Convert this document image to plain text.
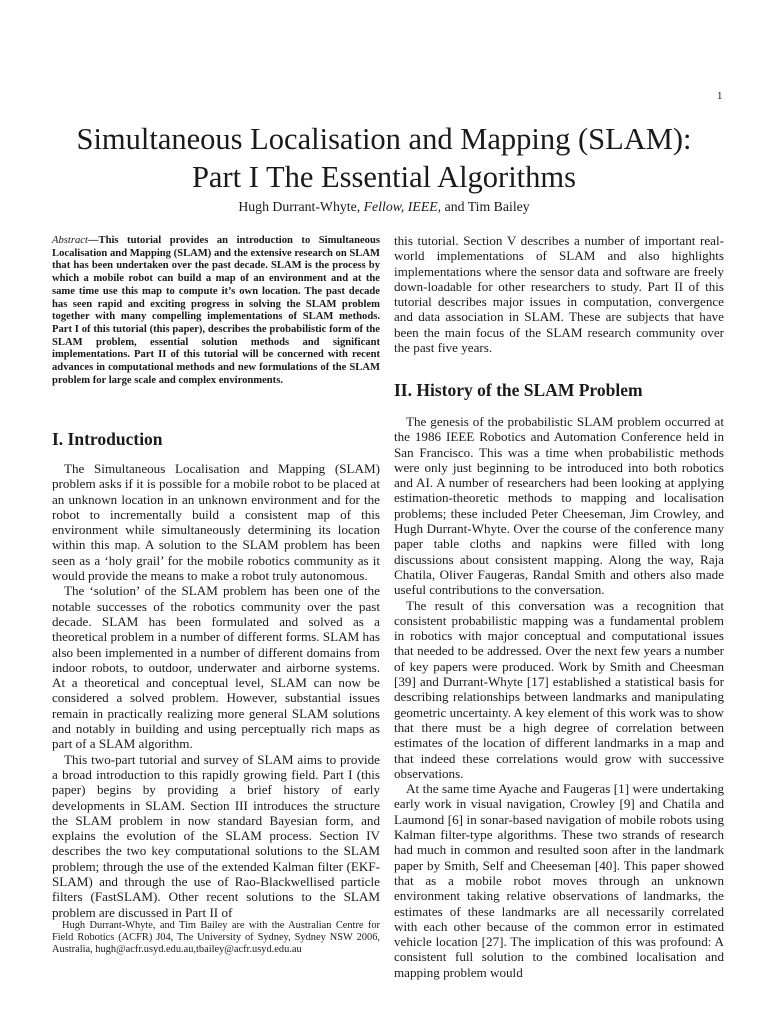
1
Simultaneous Localisation and Mapping (SLAM):
Part I The Essential Algorithms
Hugh Durrant-Whyte, Fellow, IEEE, and Tim Bailey
Abstract—This tutorial provides an introduction to Simultaneous Localisation and Mapping (SLAM) and the extensive research on SLAM that has been undertaken over the past decade. SLAM is the process by which a mobile robot can build a map of an environment and at the same time use this map to compute it’s own location. The past decade has seen rapid and exciting progress in solving the SLAM problem together with many compelling implementations of SLAM methods. Part I of this tutorial (this paper), describes the probabilistic form of the SLAM problem, essential solution methods and significant implementations. Part II of this tutorial will be concerned with recent advances in computational methods and new formulations of the SLAM problem for large scale and complex environments.
I. Introduction

The Simultaneous Localisation and Mapping (SLAM) problem asks if it is possible for a mobile robot to be placed at an unknown location in an unknown environment and for the robot to incrementally build a consistent map of this environment while simultaneously determining its location within this map. A solution to the SLAM problem has been seen as a ‘holy grail’ for the mobile robotics community as it would provide the means to make a robot truly autonomous.

The ‘solution’ of the SLAM problem has been one of the notable successes of the robotics community over the past decade. SLAM has been formulated and solved as a theoretical problem in a number of different forms. SLAM has also been implemented in a number of different domains from indoor robots, to outdoor, underwater and airborne systems. At a theoretical and conceptual level, SLAM can now be considered a solved problem. However, substantial issues remain in practically realizing more general SLAM solutions and notably in building and using perceptually rich maps as part of a SLAM algorithm.

This two-part tutorial and survey of SLAM aims to provide a broad introduction to this rapidly growing field. Part I (this paper) begins by providing a brief history of early developments in SLAM. Section III introduces the structure the SLAM problem in now standard Bayesian form, and explains the evolution of the SLAM process. Section IV describes the two key computational solutions to the SLAM problem; through the use of the extended Kalman filter (EKF-SLAM) and through the use of Rao-Blackwellised particle filters (FastSLAM). Other recent solutions to the SLAM problem are discussed in Part II of

Hugh Durrant-Whyte, and Tim Bailey are with the Australian Centre for Field Robotics (ACFR) J04, The University of Sydney, Sydney NSW 2006, Australia, hugh@acfr.usyd.edu.au,tbailey@acfr.usyd.edu.au

this tutorial. Section V describes a number of important real-world implementations of SLAM and also highlights implementations where the sensor data and software are freely down-loadable for other researchers to study. Part II of this tutorial describes major issues in computation, convergence and data association in SLAM. These are subjects that have been the main focus of the SLAM research community over the past five years.

II. History of the SLAM Problem

The genesis of the probabilistic SLAM problem occurred at the 1986 IEEE Robotics and Automation Conference held in San Francisco. This was a time when probabilistic methods were only just beginning to be introduced into both robotics and AI. A number of researchers had been looking at applying estimation-theoretic methods to mapping and localisation problems; these included Peter Cheeseman, Jim Crowley, and Hugh Durrant-Whyte. Over the course of the conference many paper table cloths and napkins were filled with long discussions about consistent mapping. Along the way, Raja Chatila, Oliver Faugeras, Randal Smith and others also made useful contributions to the conversation.

The result of this conversation was a recognition that consistent probabilistic mapping was a fundamental problem in robotics with major conceptual and computational issues that needed to be addressed. Over the next few years a number of key papers were produced. Work by Smith and Cheesman [39] and Durrant-Whyte [17] established a statistical basis for describing relationships between landmarks and manipulating geometric uncertainty. A key element of this work was to show that there must be a high degree of correlation between estimates of the location of different landmarks in a map and that indeed these correlations would grow with successive observations.

At the same time Ayache and Faugeras [1] were undertaking early work in visual navigation, Crowley [9] and Chatila and Laumond [6] in sonar-based navigation of mobile robots using Kalman filter-type algorithms. These two strands of research had much in common and resulted soon after in the landmark paper by Smith, Self and Cheeseman [40]. This paper showed that as a mobile robot moves through an unknown environment taking relative observations of landmarks, the estimates of these landmarks are all necessarily correlated with each other because of the common error in estimated vehicle location [27]. The implication of this was profound: A consistent full solution to the combined localisation and mapping problem would
